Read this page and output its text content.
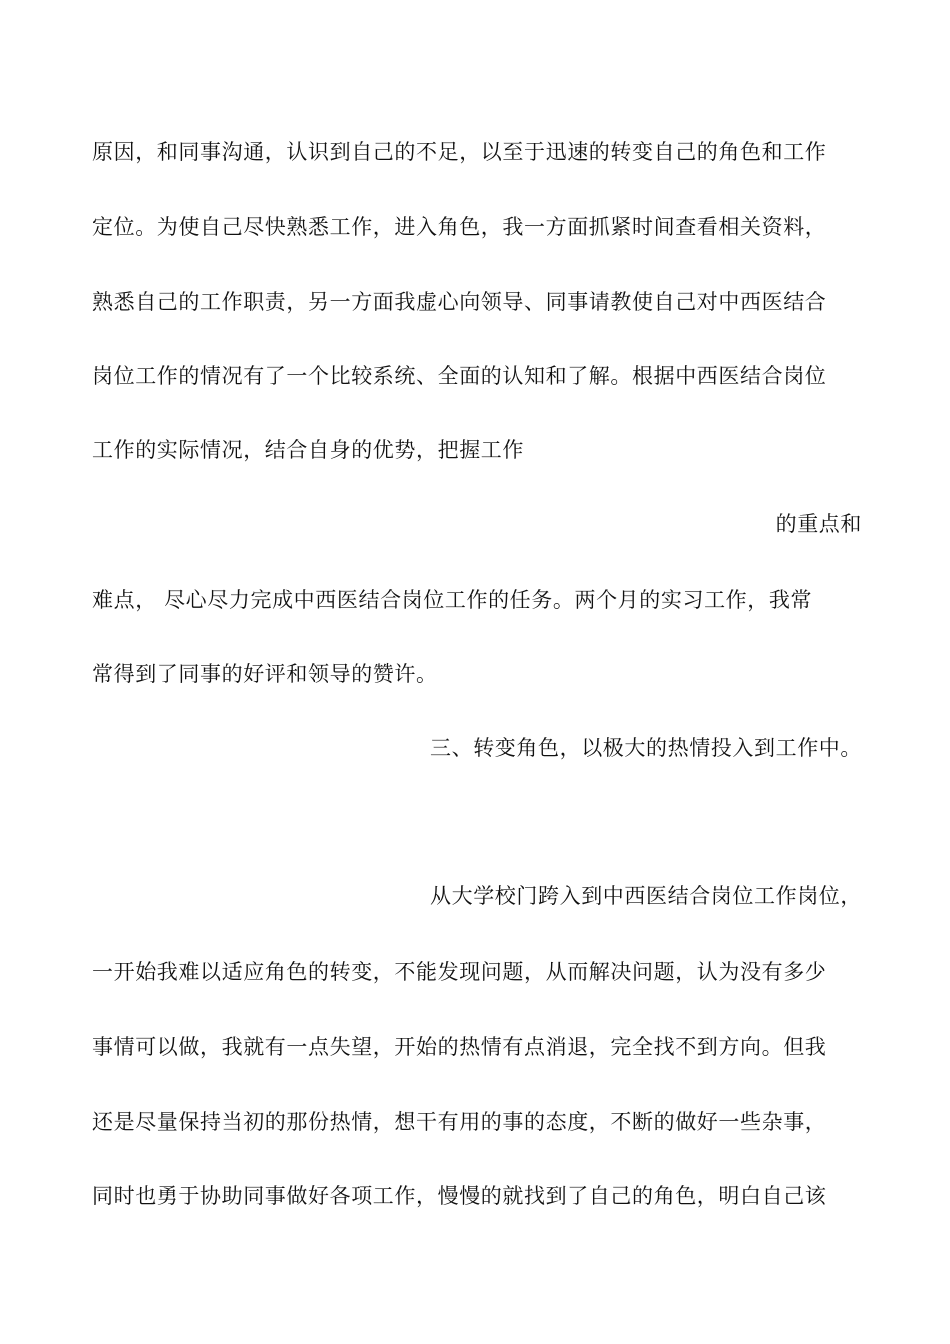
原因，和同事沟通，认识到自己的不足，以至于迅速的转变自己的角色和工作
定位。为使自己尽快熟悉工作，进入角色，我一方面抓紧时间查看相关资料，
熟悉自己的工作职责，另一方面我虚心向领导、同事请教使自己对中西医结合
岗位工作的情况有了一个比较系统、全面的认知和了解。根据中西医结合岗位
工作的实际情况，结合自身的优势，把握工作
的重点和
难点， 尽心尽力完成中西医结合岗位工作的任务。两个月的实习工作，我常
常得到了同事的好评和领导的赞许。
三、转变角色，以极大的热情投入到工作中。
从大学校门跨入到中西医结合岗位工作岗位，
一开始我难以适应角色的转变，不能发现问题，从而解决问题，认为没有多少
事情可以做，我就有一点失望，开始的热情有点消退，完全找不到方向。但我
还是尽量保持当初的那份热情，想干有用的事的态度，不断的做好一些杂事，
同时也勇于协助同事做好各项工作，慢慢的就找到了自己的角色，明白自己该
